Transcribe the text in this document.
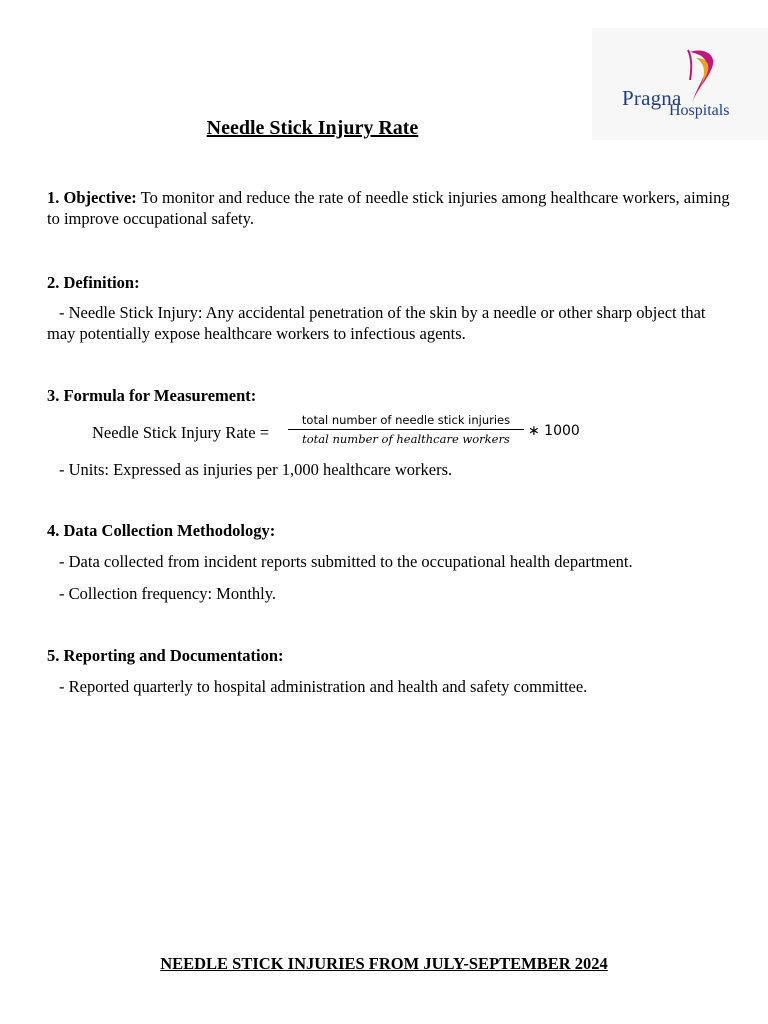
Pragna
Hospitals
Needle Stick Injury Rate
1. Objective: To monitor and reduce the rate of needle stick injuries among healthcare workers, aiming to improve occupational safety.
2. Definition:
- Needle Stick Injury: Any accidental penetration of the skin by a needle or other sharp object that may potentially expose healthcare workers to infectious agents.
3. Formula for Measurement:
Needle Stick Injury Rate =
total number of needle stick injuries
total number of healthcare workers	∗ 1000
- Units: Expressed as injuries per 1,000 healthcare workers.
4. Data Collection Methodology:
- Data collected from incident reports submitted to the occupational health department.
- Collection frequency: Monthly.
5. Reporting and Documentation:
- Reported quarterly to hospital administration and health and safety committee.
NEEDLE STICK INJURIES FROM JULY-SEPTEMBER 2024
